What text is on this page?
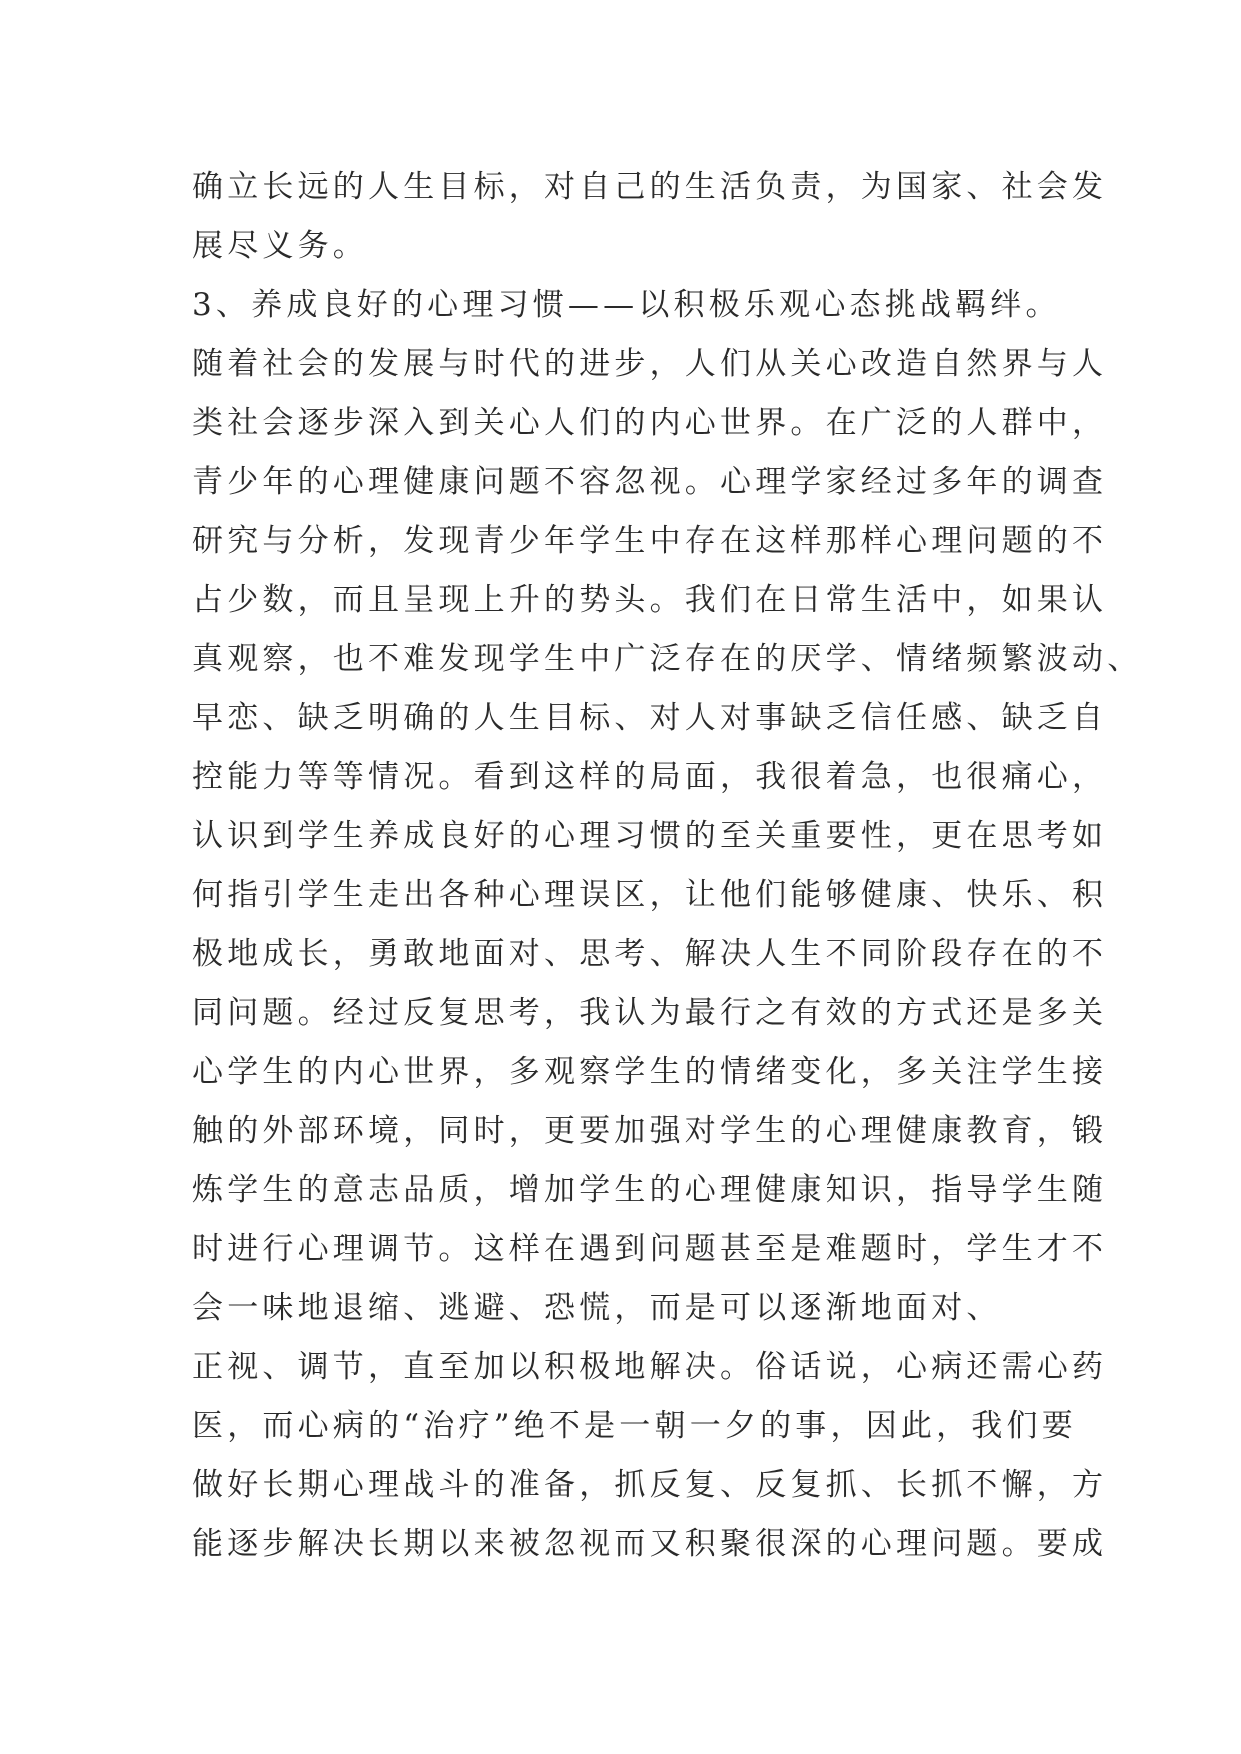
确立长远的人生目标，对自己的生活负责，为国家、社会发
展尽义务。
3、养成良好的心理习惯——以积极乐观心态挑战羁绊。
随着社会的发展与时代的进步，人们从关心改造自然界与人
类社会逐步深入到关心人们的内心世界。在广泛的人群中，
青少年的心理健康问题不容忽视。心理学家经过多年的调查
研究与分析，发现青少年学生中存在这样那样心理问题的不
占少数，而且呈现上升的势头。我们在日常生活中，如果认
真观察，也不难发现学生中广泛存在的厌学、情绪频繁波动、
早恋、缺乏明确的人生目标、对人对事缺乏信任感、缺乏自
控能力等等情况。看到这样的局面，我很着急，也很痛心，
认识到学生养成良好的心理习惯的至关重要性，更在思考如
何指引学生走出各种心理误区，让他们能够健康、快乐、积
极地成长，勇敢地面对、思考、解决人生不同阶段存在的不
同问题。经过反复思考，我认为最行之有效的方式还是多关
心学生的内心世界，多观察学生的情绪变化，多关注学生接
触的外部环境，同时，更要加强对学生的心理健康教育，锻
炼学生的意志品质，增加学生的心理健康知识，指导学生随
时进行心理调节。这样在遇到问题甚至是难题时，学生才不
会一味地退缩、逃避、恐慌，而是可以逐渐地面对、
正视、调节，直至加以积极地解决。俗话说，心病还需心药
医，而心病的“治疗”绝不是一朝一夕的事，因此，我们要
做好长期心理战斗的准备，抓反复、反复抓、长抓不懈，方
能逐步解决长期以来被忽视而又积聚很深的心理问题。要成
